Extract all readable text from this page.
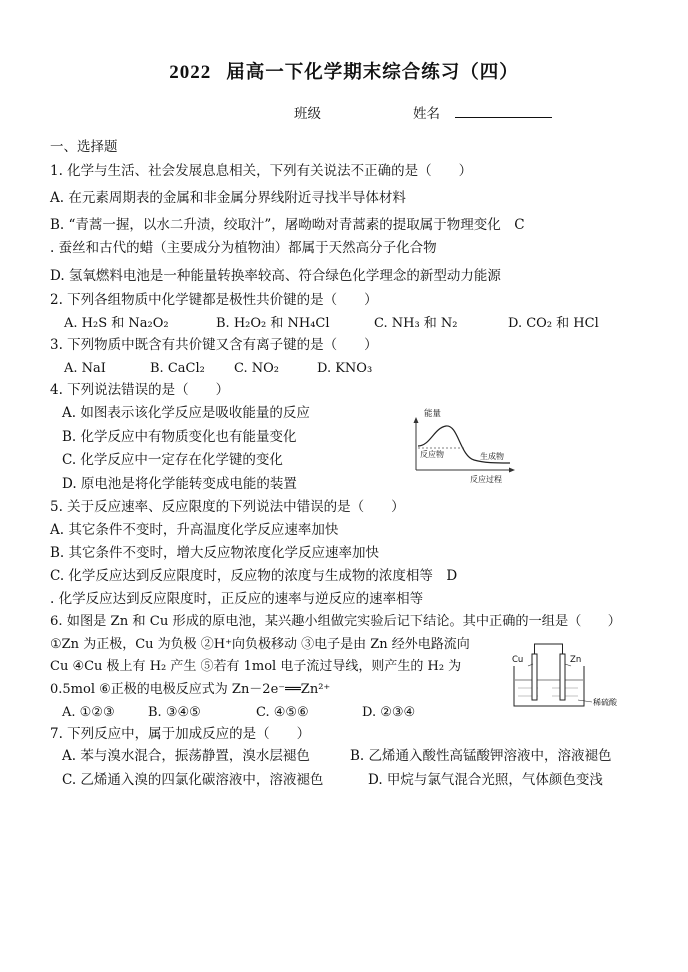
2022 届高一下化学期末综合练习（四）
班级	姓名
一、选择题
1. 化学与生活、社会发展息息相关，下列有关说法不正确的是（　　）
A. 在元素周期表的金属和非金属分界线附近寻找半导体材料
B. “青蒿一握，以水二升渍，绞取汁”，屠呦呦对青蒿素的提取属于物理变化　C
. 蚕丝和古代的蜡（主要成分为植物油）都属于天然高分子化合物
D. 氢氧燃料电池是一种能量转换率较高、符合绿色化学理念的新型动力能源
2. 下列各组物质中化学键都是极性共价键的是（　　）
A. H₂S 和 Na₂O₂	B. H₂O₂ 和 NH₄Cl	C. NH₃ 和 N₂	D. CO₂ 和 HCl
3. 下列物质中既含有共价键又含有离子键的是（　　）
A. NaI	B. CaCl₂ C. NO₂	D. KNO₃
4. 下列说法错误的是（　　）
A. 如图表示该化学反应是吸收能量的反应
B. 化学反应中有物质变化也有能量变化
C. 化学反应中一定存在化学键的变化
D. 原电池是将化学能转变成电能的装置
能量
反应物	生成物
反应过程
5. 关于反应速率、反应限度的下列说法中错误的是（　　）
A. 其它条件不变时，升高温度化学反应速率加快
B. 其它条件不变时，增大反应物浓度化学反应速率加快
C. 化学反应达到反应限度时，反应物的浓度与生成物的浓度相等　D
. 化学反应达到反应限度时，正反应的速率与逆反应的速率相等
6. 如图是 Zn 和 Cu 形成的原电池，某兴趣小组做完实验后记下结论。其中正确的一组是（　　）
①Zn 为正极，Cu 为负极 ②H⁺向负极移动 ③电子是由 Zn 经外电路流向
Cu ④Cu 极上有 H₂ 产生 ⑤若有 1mol 电子流过导线，则产生的 H₂ 为
0.5mol ⑥正极的电极反应式为 Zn－2e⁻══Zn²⁺
A. ①②③	B. ③④⑤	C. ④⑤⑥	D. ②③④
Cu	Zn
稀硫酸
7. 下列反应中，属于加成反应的是（　　）
A. 苯与溴水混合，振荡静置，溴水层褪色	B. 乙烯通入酸性高锰酸钾溶液中，溶液褪色
C. 乙烯通入溴的四氯化碳溶液中，溶液褪色	D. 甲烷与氯气混合光照，气体颜色变浅
